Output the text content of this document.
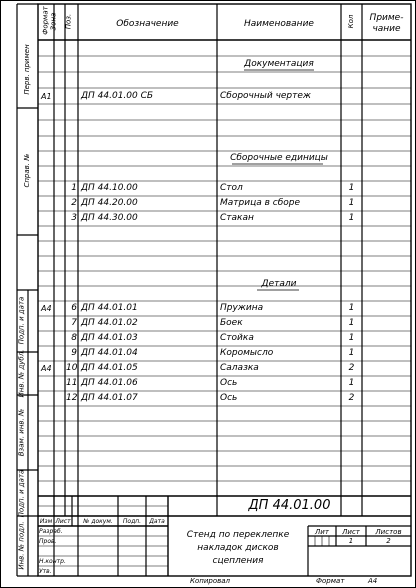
Формат Зона Поз.	Обозначение	Наименование	Кол	Приме-
чание
Перв. примен
Справ. №
Подп. и дата
Инв. № дубл.
Взам. инв. №
Подп. и дата
Инв. № подл.
Документация
Сборочные единицы
Детали
А1	ДП 44.01.00 СБ	Сборочный чертеж
1 ДП 44.10.00	Стол	1
2 ДП 44.20.00	Матрица в сборе	1
3 ДП 44.30.00	Стакан	1
А4	6 ДП 44.01.01	Пружина	1
7 ДП 44.01.02	Боек	1
8 ДП 44.01.03	Стойка	1
9 ДП 44.01.04	Коромысло	1
А4 10 ДП 44.01.05	Салазка	2
11 ДП 44.01.06	Ось	1
12 ДП 44.01.07	Ось	2
ДП 44.01.00
Стенд по переклепке
накладок дисков
сцепления
Изм Лист	№ докум.	Подп.	Дата
Разраб.
Пров.
Н.контр.
Утв.
Лит	Лист	Листов
1	2
Копировал	Формат	А4
